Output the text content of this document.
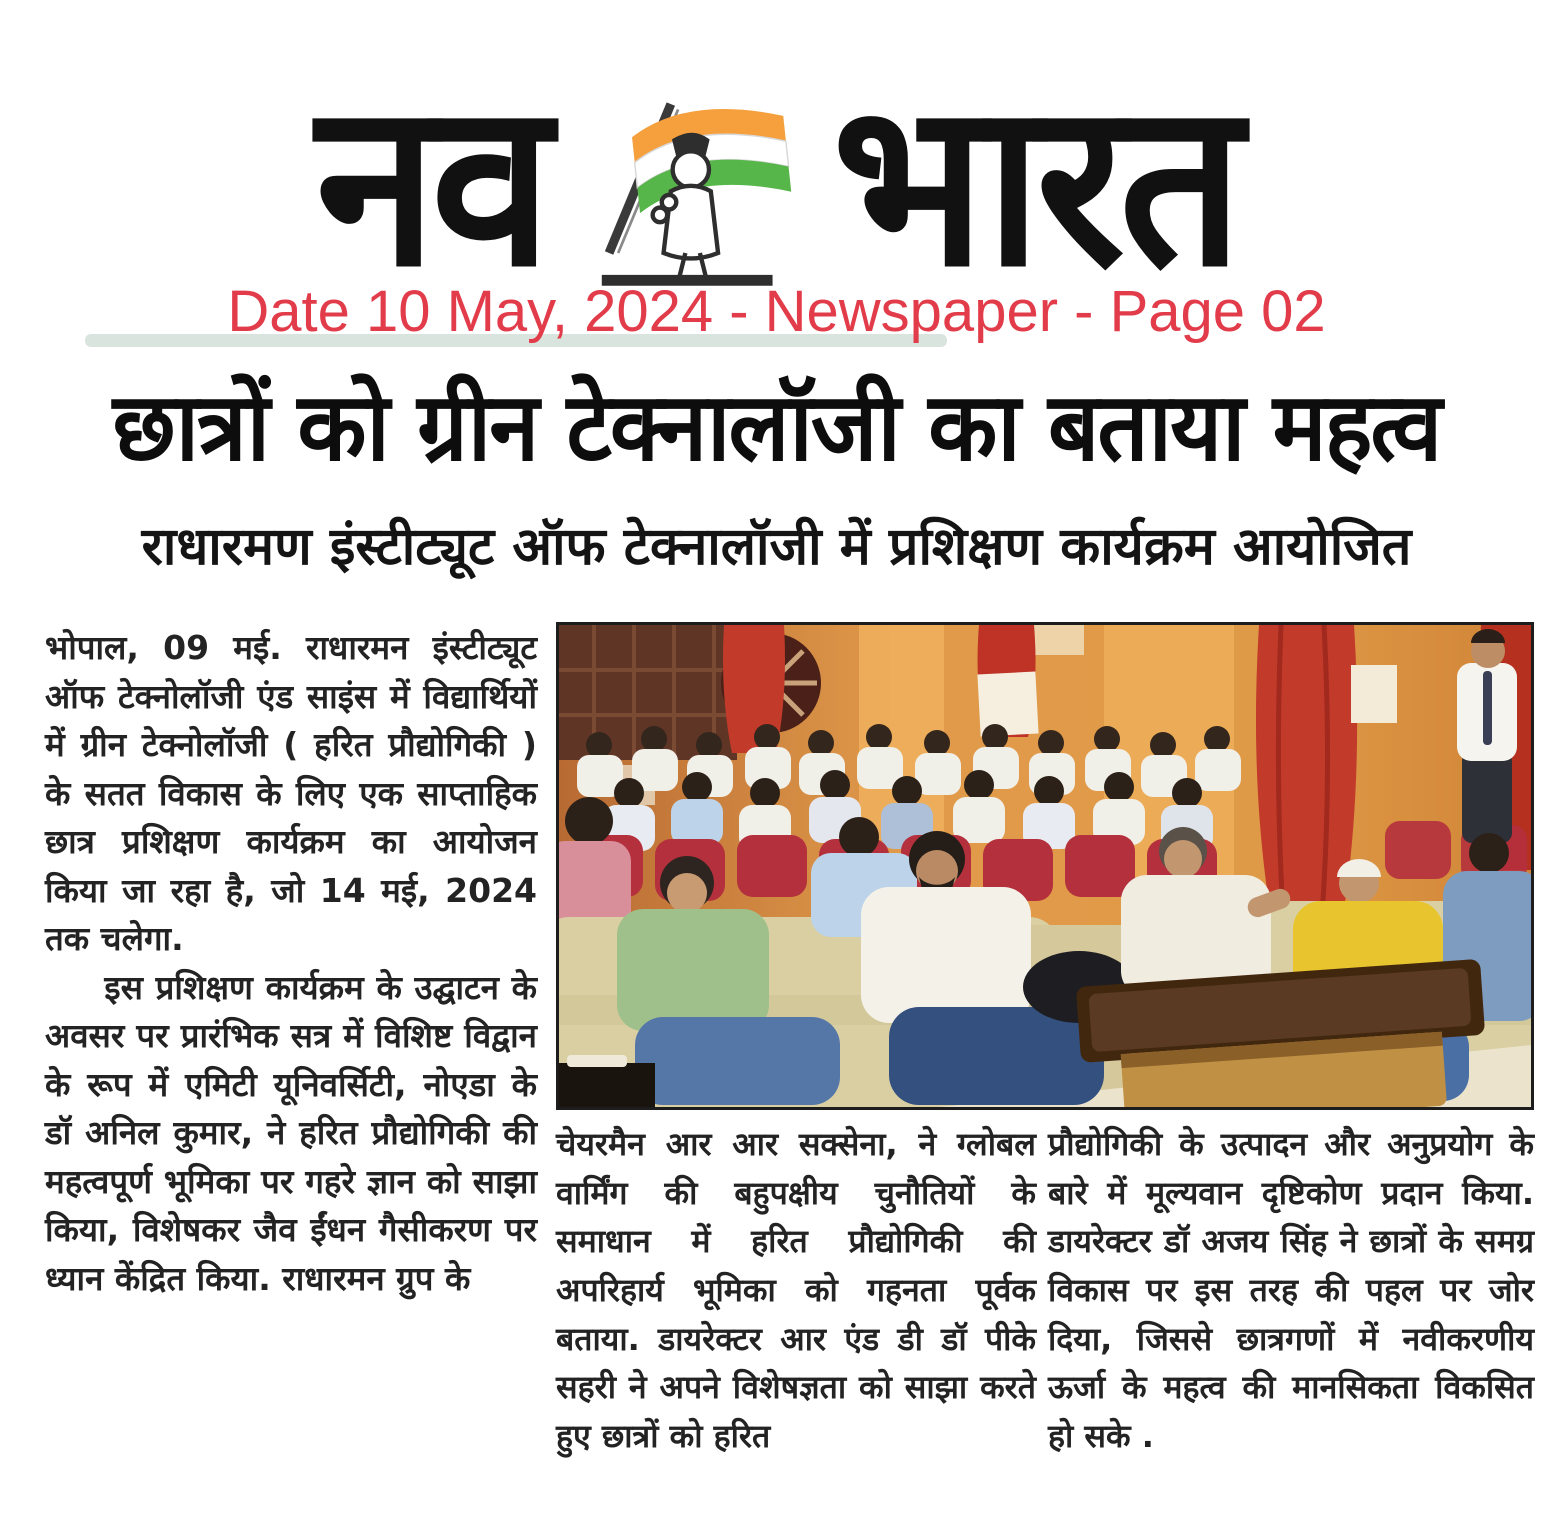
नव भारत
Date 10 May, 2024 - Newspaper - Page 02
छात्रों को ग्रीन टेक्नालॉजी का बताया महत्व
राधारमण इंस्टीट्यूट ऑफ टेक्नालॉजी में प्रशिक्षण कार्यक्रम आयोजित

भोपाल, 09 मई. राधारमन इंस्टीट्यूट ऑफ टेक्नोलॉजी एंड साइंस में विद्यार्थियों में ग्रीन टेक्नोलॉजी ( हरित प्रौद्योगिकी ) के सतत विकास के लिए एक साप्ताहिक छात्र प्रशिक्षण कार्यक्रम का आयोजन किया जा रहा है, जो 14 मई, 2024 तक चलेगा.

इस प्रशिक्षण कार्यक्रम के उद्घाटन के अवसर पर प्रारंभिक सत्र में विशिष्ट विद्वान के रूप में एमिटी यूनिवर्सिटी, नोएडा के डॉ अनिल कुमार, ने हरित प्रौद्योगिकी की महत्वपूर्ण भूमिका पर गहरे ज्ञान को साझा किया, विशेषकर जैव ईंधन गैसीकरण पर ध्यान केंद्रित किया. राधारमन ग्रुप के

चेयरमैन आर आर सक्सेना, ने ग्लोबल वार्मिंग की बहुपक्षीय चुनौतियों के समाधान में हरित प्रौद्योगिकी की अपरिहार्य भूमिका को गहनता पूर्वक बताया. डायरेक्टर आर एंड डी डॉ पीके सहरी ने अपने विशेषज्ञता को साझा करते हुए छात्रों को हरित

प्रौद्योगिकी के उत्पादन और अनुप्रयोग के बारे में मूल्यवान दृष्टिकोण प्रदान किया. डायरेक्टर डॉ अजय सिंह ने छात्रों के समग्र विकास पर इस तरह की पहल पर जोर दिया, जिससे छात्रगणों में नवीकरणीय ऊर्जा के महत्व की मानसिकता विकसित हो सके .
